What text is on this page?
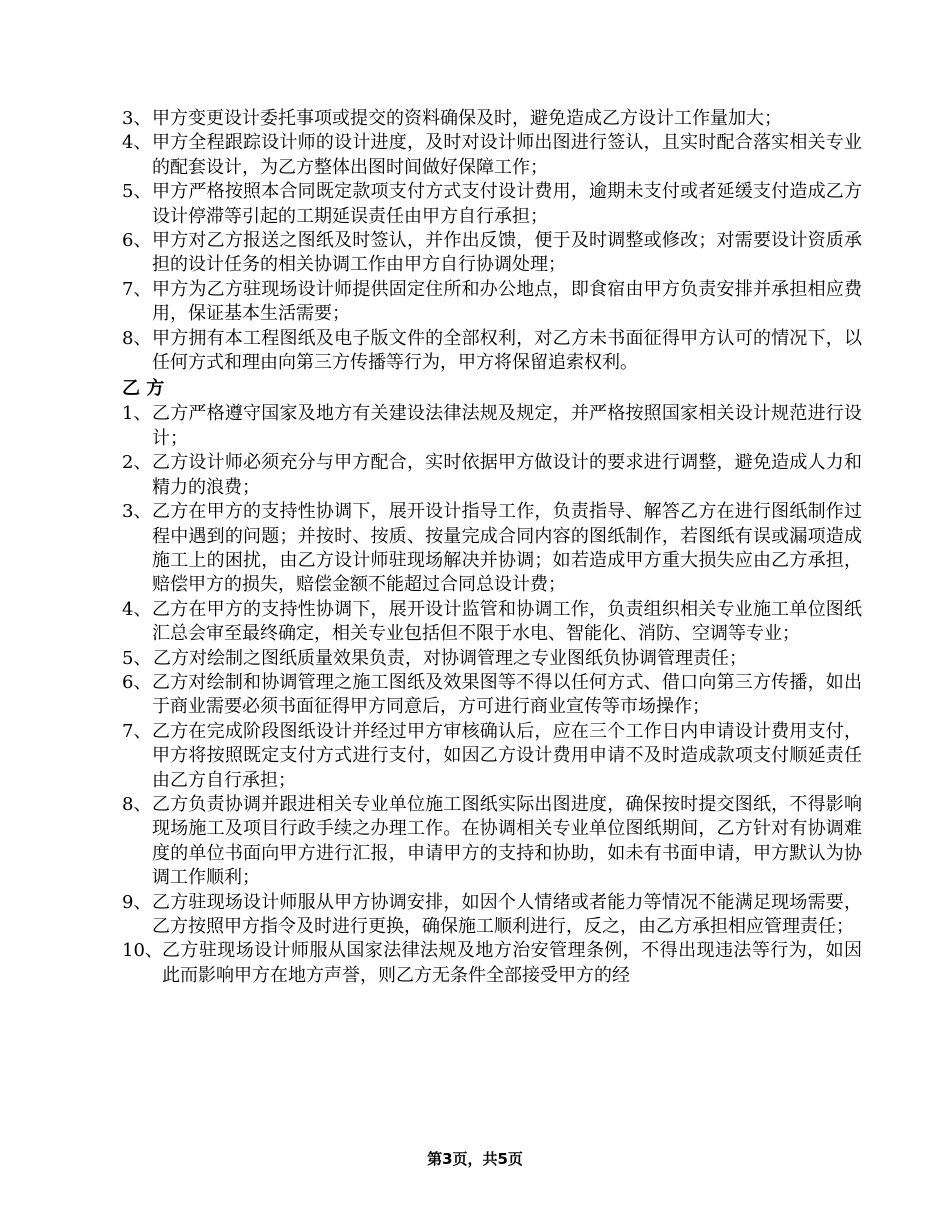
3、 甲方变更设计委托事项或提交的资料确保及时，避免造成乙方设计工作量加大；
4、 甲方全程跟踪设计师的设计进度，及时对设计师出图进行签认，且实时配合落实相关专业的配套设计，为乙方整体出图时间做好保障工作；
5、 甲方严格按照本合同既定款项支付方式支付设计费用，逾期未支付或者延缓支付造成乙方设计停滞等引起的工期延误责任由甲方自行承担；
6、 甲方对乙方报送之图纸及时签认，并作出反馈，便于及时调整或修改；对需要设计资质承担的设计任务的相关协调工作由甲方自行协调处理；
7、 甲方为乙方驻现场设计师提供固定住所和办公地点，即食宿由甲方负责安排并承担相应费用，保证基本生活需要；
8、 甲方拥有本工程图纸及电子版文件的全部权利，对乙方未书面征得甲方认可的情况下，以任何方式和理由向第三方传播等行为，甲方将保留追索权利。
乙 方
1、 乙方严格遵守国家及地方有关建设法律法规及规定，并严格按照国家相关设计规范进行设计；
2、 乙方设计师必须充分与甲方配合，实时依据甲方做设计的要求进行调整，避免造成人力和精力的浪费；
3、 乙方在甲方的支持性协调下，展开设计指导工作，负责指导、解答乙方在进行图纸制作过程中遇到的问题；并按时、按质、按量完成合同内容的图纸制作，若图纸有误或漏项造成施工上的困扰，由乙方设计师驻现场解决并协调；如若造成甲方重大损失应由乙方承担，赔偿甲方的损失，赔偿金额不能超过合同总设计费；
4、 乙方在甲方的支持性协调下，展开设计监管和协调工作，负责组织相关专业施工单位图纸汇总会审至最终确定，相关专业包括但不限于水电、智能化、消防、空调等专业；
5、 乙方对绘制之图纸质量效果负责，对协调管理之专业图纸负协调管理责任；
6、 乙方对绘制和协调管理之施工图纸及效果图等不得以任何方式、借口向第三方传播，如出于商业需要必须书面征得甲方同意后，方可进行商业宣传等市场操作；
7、 乙方在完成阶段图纸设计并经过甲方审核确认后，应在三个工作日内申请设计费用支付，甲方将按照既定支付方式进行支付，如因乙方设计费用申请不及时造成款项支付顺延责任由乙方自行承担；
8、 乙方负责协调并跟进相关专业单位施工图纸实际出图进度，确保按时提交图纸，不得影响现场施工及项目行政手续之办理工作。在协调相关专业单位图纸期间，乙方针对有协调难度的单位书面向甲方进行汇报，申请甲方的支持和协助，如未有书面申请，甲方默认为协调工作顺利；
9、 乙方驻现场设计师服从甲方协调安排，如因个人情绪或者能力等情况不能满足现场需要，乙方按照甲方指令及时进行更换，确保施工顺利进行，反之，由乙方承担相应管理责任；
10、 乙方驻现场设计师服从国家法律法规及地方治安管理条例，不得出现违法等行为，如因此而影响甲方在地方声誉，则乙方无条件全部接受甲方的经
第3页，共5页
